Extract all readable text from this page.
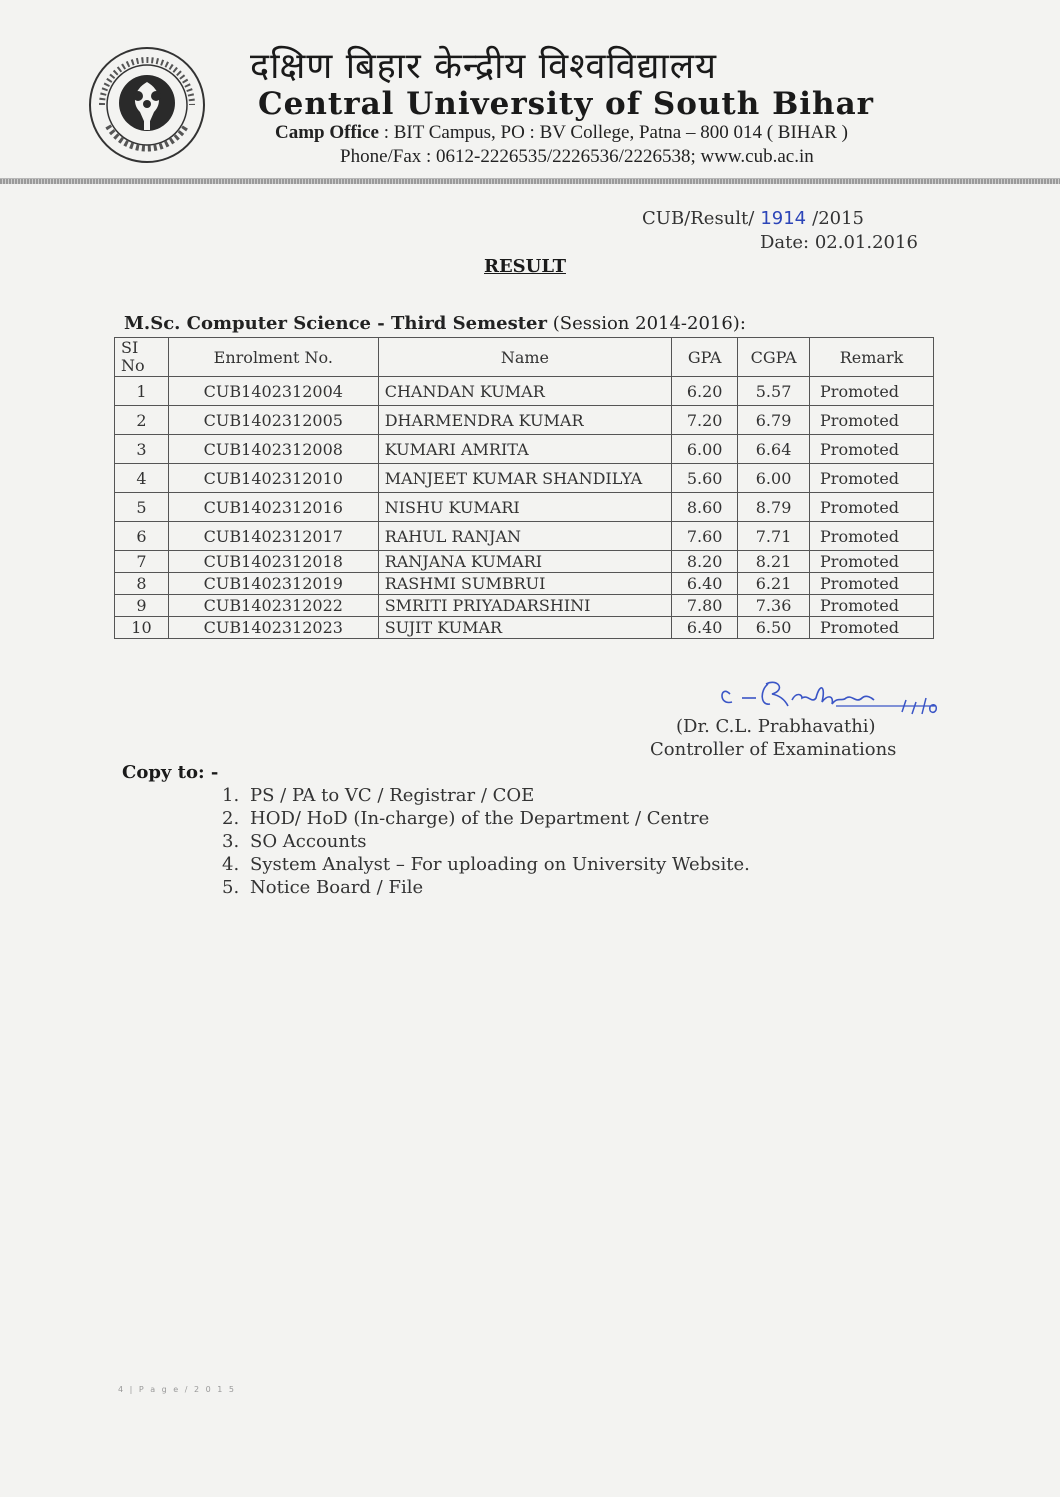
दक्षिण बिहार केन्द्रीय विश्वविद्यालय
Central University of South Bihar
Camp Office : BIT Campus, PO : BV College, Patna – 800 014 ( BIHAR )
Phone/Fax : 0612-2226535/2226536/2226538; www.cub.ac.in
CUB/Result/ 1914 /2015
Date: 02.01.2016
RESULT
M.Sc. Computer Science - Third Semester (Session 2014-2016):
SI
No	Enrolment No.	Name	GPA	CGPA	Remark
1	CUB1402312004	CHANDAN KUMAR	6.20	5.57	Promoted
2	CUB1402312005	DHARMENDRA KUMAR	7.20	6.79	Promoted
3	CUB1402312008	KUMARI AMRITA	6.00	6.64	Promoted
4	CUB1402312010	MANJEET KUMAR SHANDILYA	5.60	6.00	Promoted
5	CUB1402312016	NISHU KUMARI	8.60	8.79	Promoted
6	CUB1402312017	RAHUL RANJAN	7.60	7.71	Promoted
7	CUB1402312018	RANJANA KUMARI	8.20	8.21	Promoted
8	CUB1402312019	RASHMI SUMBRUI	6.40	6.21	Promoted
9	CUB1402312022	SMRITI PRIYADARSHINI	7.80	7.36	Promoted
10	CUB1402312023	SUJIT KUMAR	6.40	6.50	Promoted
(Dr. C.L. Prabhavathi)
Controller of Examinations
Copy to: -
1. PS / PA to VC / Registrar / COE
2. HOD/ HoD (In-charge) of the Department / Centre
3. SO Accounts
4. System Analyst – For uploading on University Website.
5. Notice Board / File
4 | P a g e / 2 0 1 5
